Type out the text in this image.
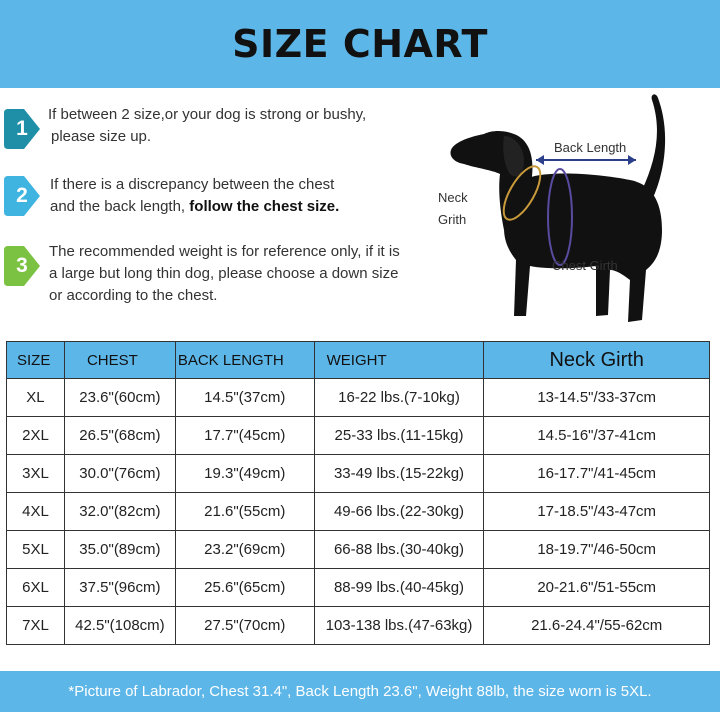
SIZE CHART
1
If between 2 size,or your dog is strong or bushy,
please size up.
2	If there is a discrepancy between the chest
and the back length, follow the chest size.
3
The recommended weight is for reference only, if it is
a large but long thin dog, please choose a down size
or according to the chest.
Back Length
Neck
Grith
Chest Girth
SIZE	CHEST	BACK LENGTH	WEIGHT	Neck Girth
XL	23.6"(60cm)	14.5"(37cm)	16-22 lbs.(7-10kg)	13-14.5"/33-37cm
2XL	26.5"(68cm)	17.7"(45cm)	25-33 lbs.(11-15kg)	14.5-16"/37-41cm
3XL	30.0"(76cm)	19.3"(49cm)	33-49 lbs.(15-22kg)	16-17.7"/41-45cm
4XL	32.0"(82cm)	21.6"(55cm)	49-66 lbs.(22-30kg)	17-18.5"/43-47cm
5XL	35.0"(89cm)	23.2"(69cm)	66-88 lbs.(30-40kg)	18-19.7"/46-50cm
6XL	37.5"(96cm)	25.6"(65cm)	88-99 lbs.(40-45kg)	20-21.6"/51-55cm
7XL	42.5"(108cm)	27.5"(70cm)	103-138 lbs.(47-63kg)	21.6-24.4"/55-62cm

*Picture of Labrador, Chest 31.4", Back Length 23.6", Weight 88lb, the size worn is 5XL.
